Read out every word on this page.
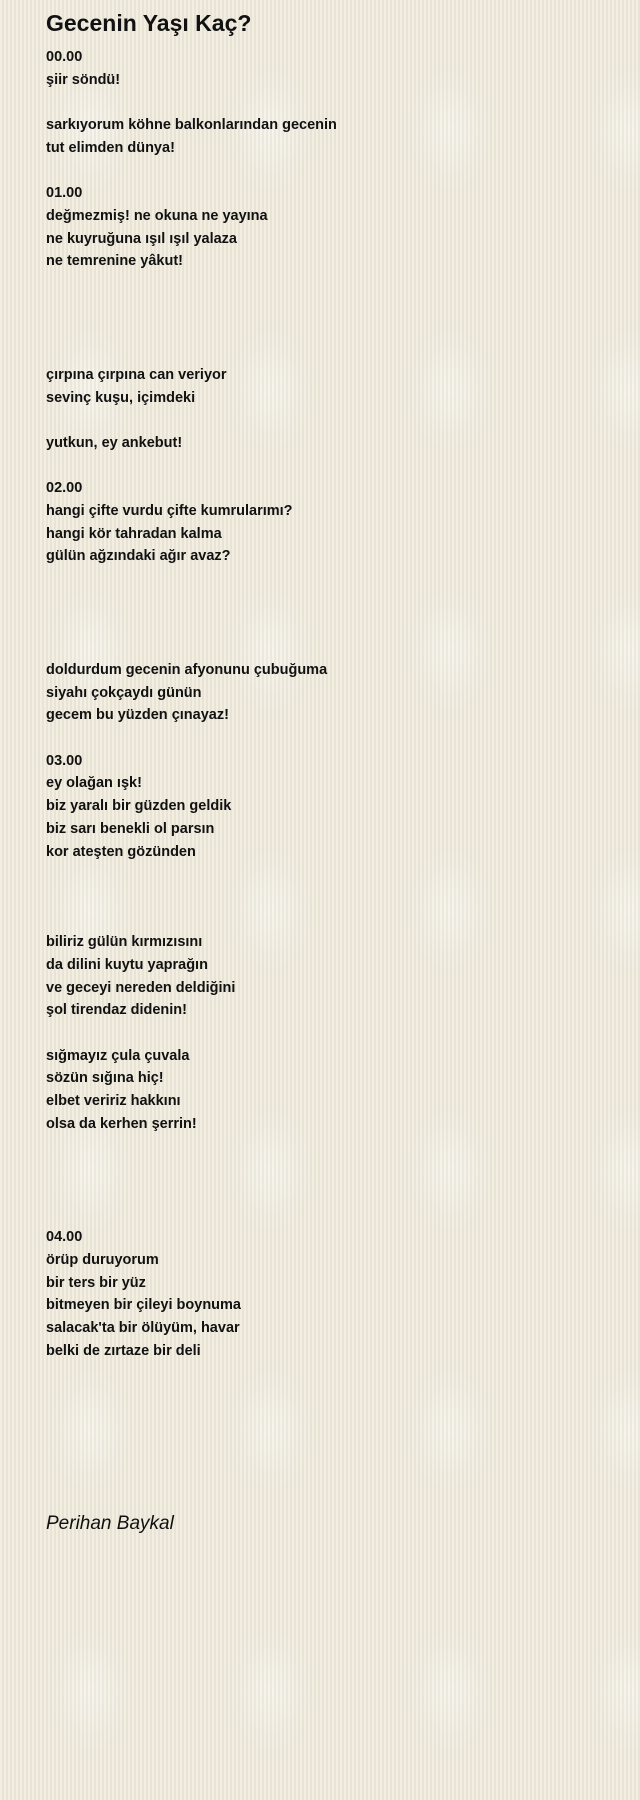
Gecenin Yaşı Kaç?
00.00
şiir söndü!
sarkıyorum köhne balkonlarından gecenin
tut elimden dünya!
01.00
değmezmiş! ne okuna ne yayına
ne kuyruğuna ışıl ışıl yalaza
ne temrenine yâkut!
çırpına çırpına can veriyor
sevinç kuşu, içimdeki
yutkun, ey ankebut!
02.00
hangi çifte vurdu çifte kumrularımı?
hangi kör tahradan kalma
gülün ağzındaki ağır avaz?
doldurdum gecenin afyonunu çubuğuma
siyahı çokçaydı günün
gecem bu yüzden çınayaz!
03.00
ey olağan ışk!
biz yaralı bir güzden geldik
biz sarı benekli ol parsın
kor ateşten gözünden
biliriz gülün kırmızısını
da dilini kuytu yaprağın
ve geceyi nereden deldiğini
şol tirendaz didenin!
sığmayız çula çuvala
sözün sığına hiç!
elbet veririz hakkını
olsa da kerhen şerrin!
04.00
örüp duruyorum
bir ters bir yüz
bitmeyen bir çileyi boynuma
salacak'ta bir ölüyüm, havar
belki de zırtaze bir deli
Perihan Baykal
